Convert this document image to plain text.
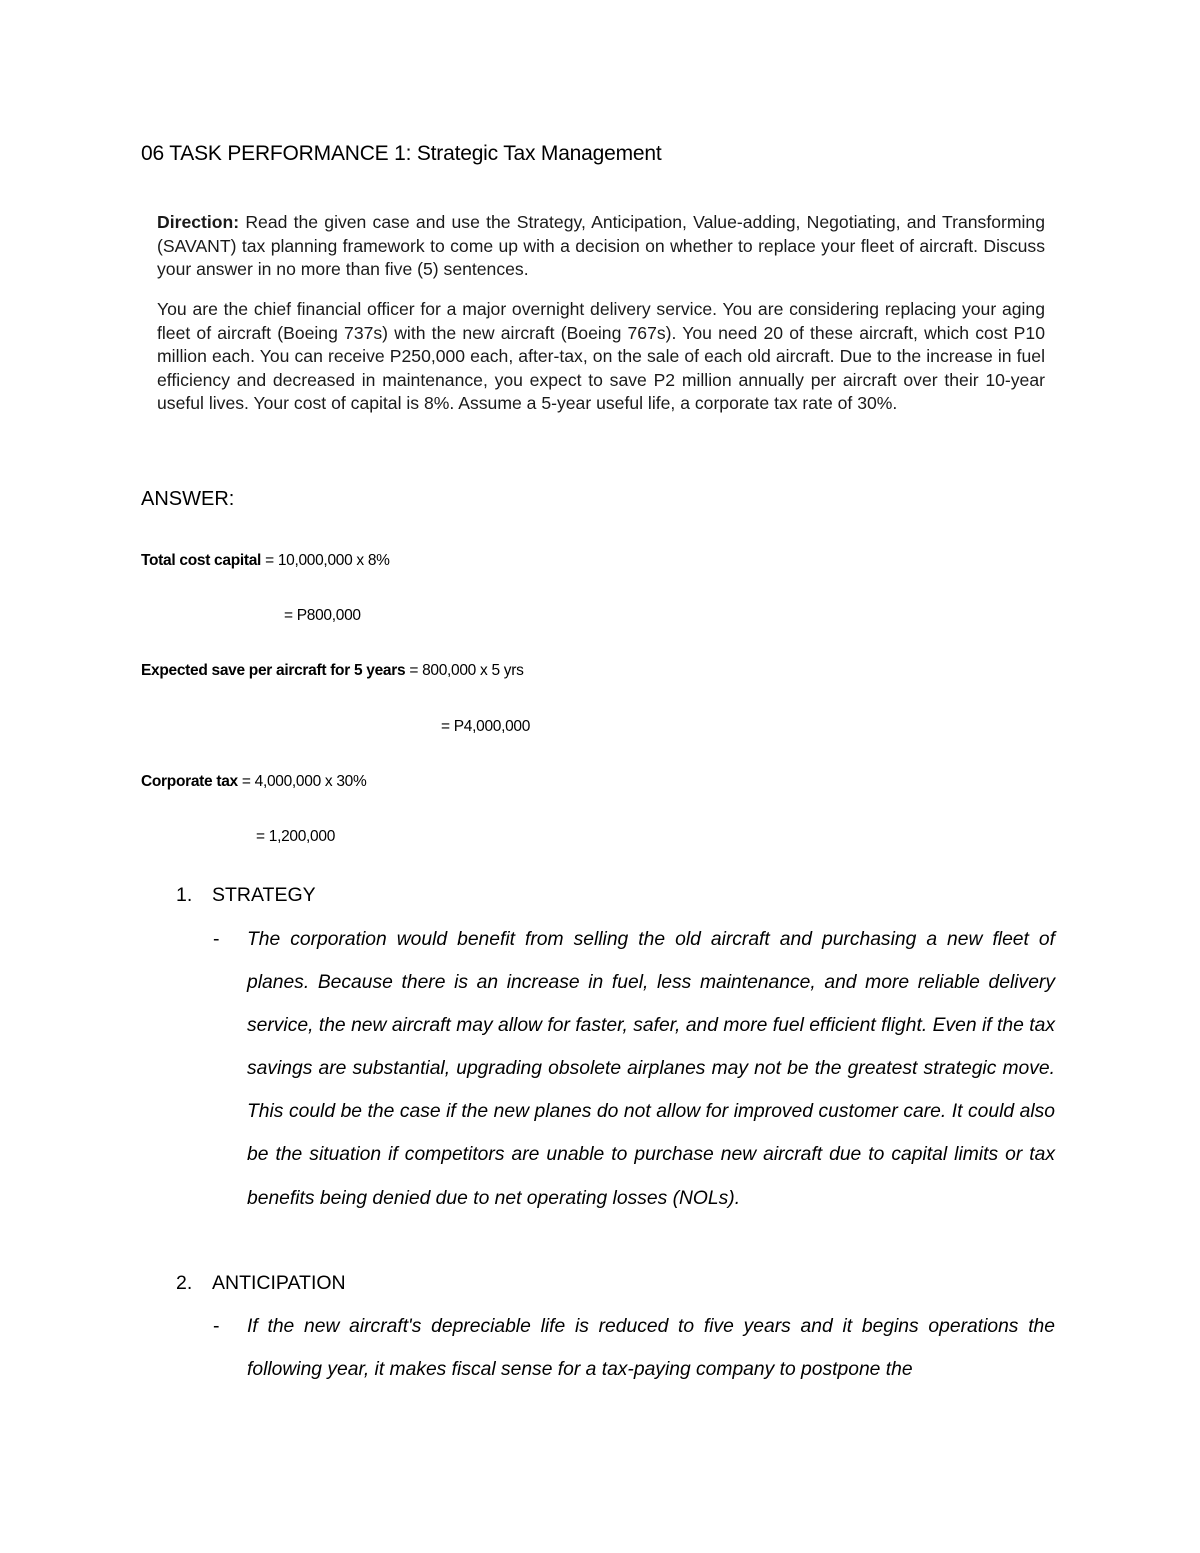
06 TASK PERFORMANCE 1: Strategic Tax Management

Direction: Read the given case and use the Strategy, Anticipation, Value-adding, Negotiating, and Transforming (SAVANT) tax planning framework to come up with a decision on whether to replace your fleet of aircraft. Discuss your answer in no more than five (5) sentences.

You are the chief financial officer for a major overnight delivery service. You are considering replacing your aging fleet of aircraft (Boeing 737s) with the new aircraft (Boeing 767s). You need 20 of these aircraft, which cost P10 million each. You can receive P250,000 each, after-tax, on the sale of each old aircraft. Due to the increase in fuel efficiency and decreased in maintenance, you expect to save P2 million annually per aircraft over their 10-year useful lives. Your cost of capital is 8%. Assume a 5-year useful life, a corporate tax rate of 30%.

ANSWER:
Total cost capital = 10,000,000 x 8%
= P800,000
Expected save per aircraft for 5 years = 800,000 x 5 yrs
= P4,000,000
Corporate tax = 4,000,000 x 30%
= 1,200,000
1. STRATEGY
- The corporation would benefit from selling the old aircraft and purchasing a new fleet of planes. Because there is an increase in fuel, less maintenance, and more reliable delivery service, the new aircraft may allow for faster, safer, and more fuel efficient flight. Even if the tax savings are substantial, upgrading obsolete airplanes may not be the greatest strategic move. This could be the case if the new planes do not allow for improved customer care. It could also be the situation if competitors are unable to purchase new aircraft due to capital limits or tax benefits being denied due to net operating losses (NOLs).

2. ANTICIPATION
- If the new aircraft's depreciable life is reduced to five years and it begins operations the following year, it makes fiscal sense for a tax-paying company to postpone the
